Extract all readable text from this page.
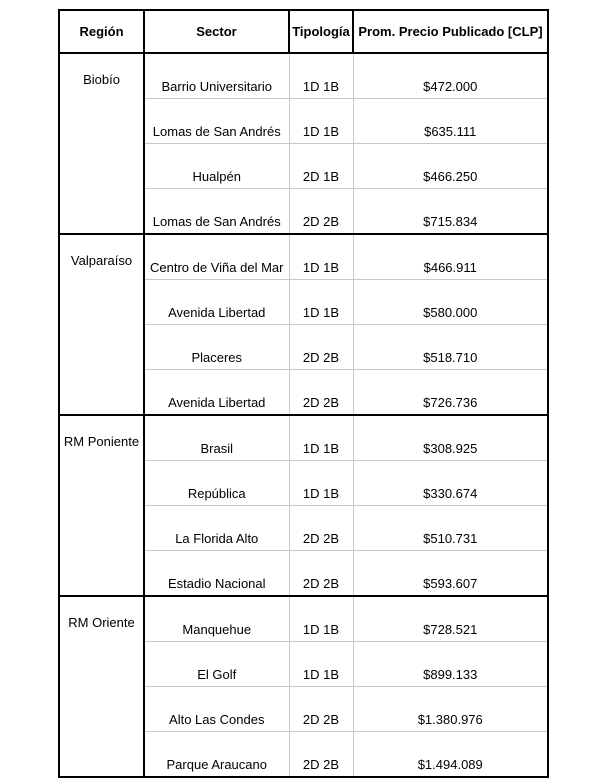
Región	Sector	Tipología	Prom. Precio Publicado [CLP]
Biobío	Barrio Universitario	1D 1B	$472.000
	Lomas de San Andrés	1D 1B	$635.111
	Hualpén	2D 1B	$466.250
	Lomas de San Andrés	2D 2B	$715.834
Valparaíso	Centro de Viña del Mar	1D 1B	$466.911
	Avenida Libertad	1D 1B	$580.000
	Placeres	2D 2B	$518.710
	Avenida Libertad	2D 2B	$726.736
RM Poniente	Brasil	1D 1B	$308.925
	República	1D 1B	$330.674
	La Florida Alto	2D 2B	$510.731
	Estadio Nacional	2D 2B	$593.607
RM Oriente	Manquehue	1D 1B	$728.521
	El Golf	1D 1B	$899.133
	Alto Las Condes	2D 2B	$1.380.976
	Parque Araucano	2D 2B	$1.494.089
